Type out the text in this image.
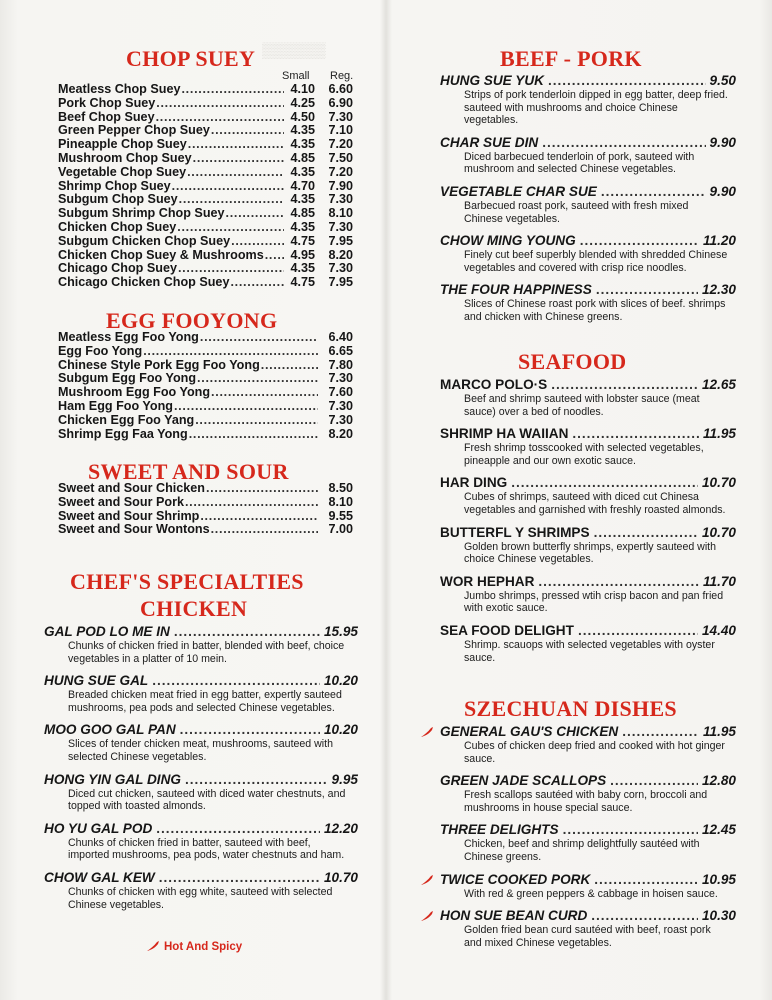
▒▒▒▒▒▒
CHOP SUEY
Small Reg.
Meatless Chop Suey . . .	4.10	6.60
Pork Chop Suey . . .	4.25	6.90
Beef Chop Suey . . .	4.50	7.30
Green Pepper Chop Suey . . .	4.35	7.10
Pineapple Chop Suey . . .	4.35	7.20
Mushroom Chop Suey . . .	4.85	7.50
Vegetable Chop Suey . . .	4.35	7.20
Shrimp Chop Suey . . .	4.70	7.90
Subgum Chop Suey . . .	4.35	7.30
Subgum Shrimp Chop Suey . . .	4.85	8.10
Chicken Chop Suey . . .	4.35	7.30
Subgum Chicken Chop Suey . . .	4.75	7.95
Chicken Chop Suey & Mushrooms . . .	4.95	8.20
Chicago Chop Suey . . .	4.35	7.30
Chicago Chicken Chop Suey . . .	4.75	7.95
EGG FOOYONG
Meatless Egg Foo Yong . . .	6.40
Egg Foo Yong . . .	6.65
Chinese Style Pork Egg Foo Yong . . .	7.80
Subgum Egg Foo Yong . . .	7.30
Mushroom Egg Foo Yong . . .	7.60
Ham Egg Foo Yong . . .	7.30
Chicken Egg Foo Yang . . .	7.30
Shrimp Egg Faa Yong . . .	8.20
SWEET AND SOUR
Sweet and Sour Chicken . . .	8.50
Sweet and Sour Pork . . .	8.10
Sweet and Sour Shrimp . . .	9.55
Sweet and Sour Wontons . . .	7.00
CHEF'S SPECIALTIES
CHICKEN
GAL POD LO ME IN . . .	15.95
Chunks of chicken fried in batter, blended with beef, choice vegetables in a platter of 10 mein.
HUNG SUE GAL . . .	10.20
Breaded chicken meat fried in egg batter, expertly sauteed mushrooms, pea pods and selected Chinese vegetables.
MOO GOO GAL PAN . . .	10.20
Slices of tender chicken meat, mushrooms, sauteed with selected Chinese vegetables.
HONG YIN GAL DING . . .	9.95
Diced cut chicken, sauteed with diced water chestnuts, and topped with toasted almonds.
HO YU GAL POD . . .	12.20
Chunks of chicken fried in batter, sauteed with beef, imported mushrooms, pea pods, water chestnuts and ham.
CHOW GAL KEW . . .	10.70
Chunks of chicken with egg white, sauteed with selected Chinese vegetables.
Hot And Spicy
BEEF - PORK
HUNG SUE YUK . . .	9.50
Strips of pork tenderloin dipped in egg batter, deep fried. sauteed with mushrooms and choice Chinese vegetables.
CHAR SUE DIN . . .	9.90
Diced barbecued tenderloin of pork, sauteed with mushroom and selected Chinese vegetables.
VEGETABLE CHAR SUE . . .	9.90
Barbecued roast pork, sauteed with fresh mixed Chinese vegetables.
CHOW MING YOUNG . . .	11.20
Finely cut beef superbly blended with shredded Chinese vegetables and covered with crisp rice noodles.
THE FOUR HAPPINESS . . .	12.30
Slices of Chinese roast pork with slices of beef. shrimps and chicken with Chinese greens.
SEAFOOD
MARCO POLO·S . . .	12.65
Beef and shrimp sauteed with lobster sauce (meat sauce) over a bed of noodles.
SHRIMP HA WAIIAN . . .	11.95
Fresh shrimp tosscooked with selected vegetables, pineapple and our own exotic sauce.
HAR DING . . .	10.70
Cubes of shrimps, sauteed with diced cut Chinesa vegetables and garnished with freshly roasted almonds.
BUTTERFL Y SHRIMPS . . .	10.70
Golden brown butterfly shrimps, expertly sauteed with choice Chinese vegetables.
WOR HEPHAR . . .	11.70
Jumbo shrimps, pressed wtih crisp bacon and pan fried with exotic sauce.
SEA FOOD DELIGHT . . .	14.40
Shrimp. scauops with selected vegetables with oyster sauce.
SZECHUAN DISHES
GENERAL GAU'S CHICKEN . . .	11.95
Cubes of chicken deep fried and cooked with hot ginger sauce.
GREEN JADE SCALLOPS . . .	12.80
Fresh scallops sautéed with baby corn, broccoli and mushrooms in house special sauce.
THREE DELIGHTS . . .	12.45
Chicken, beef and shrimp delightfully sautéed with Chinese greens.
TWICE COOKED PORK . . .	10.95
With red & green peppers & cabbage in hoisen sauce.
HON SUE BEAN CURD . . .	10.30
Golden fried bean curd sautéed with beef, roast pork and mixed Chinese vegetables.
